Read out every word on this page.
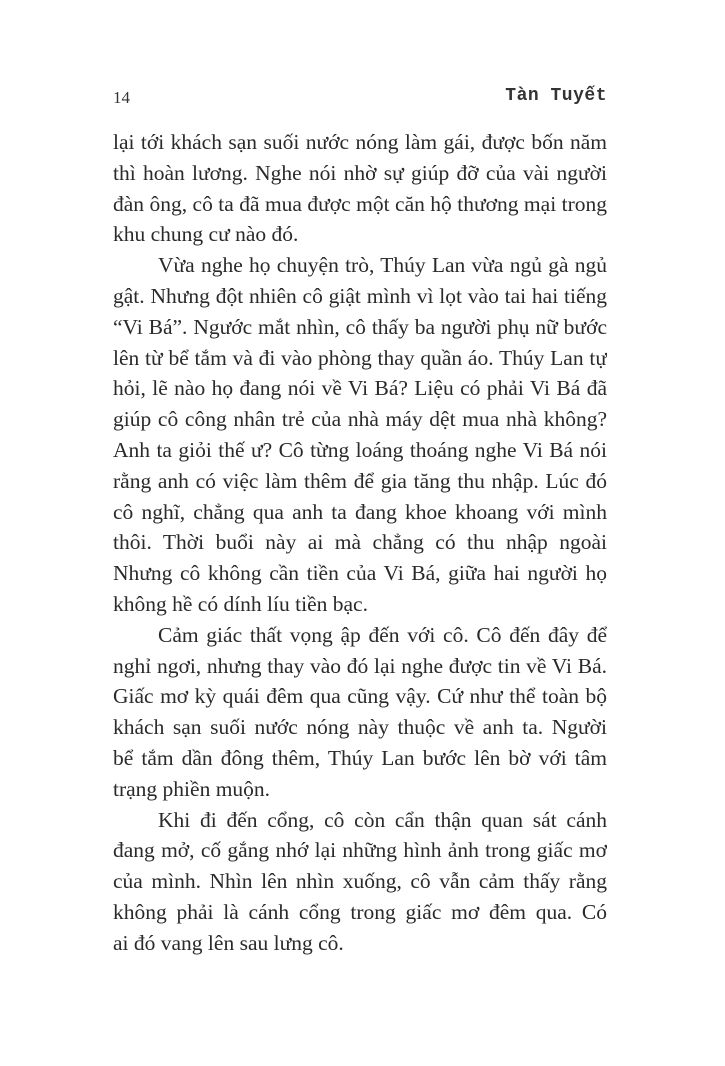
14	Tàn Tuyết
lại tới khách sạn suối nước nóng làm gái, được bốn năm
thì hoàn lương. Nghe nói nhờ sự giúp đỡ của vài người
đàn ông, cô ta đã mua được một căn hộ thương mại trong
khu chung cư nào đó.
Vừa nghe họ chuyện trò, Thúy Lan vừa ngủ gà ngủ
gật. Nhưng đột nhiên cô giật mình vì lọt vào tai hai tiếng
“Vi Bá”. Ngước mắt nhìn, cô thấy ba người phụ nữ bước
lên từ bể tắm và đi vào phòng thay quần áo. Thúy Lan tự
hỏi, lẽ nào họ đang nói về Vi Bá? Liệu có phải Vi Bá đã
giúp cô công nhân trẻ của nhà máy dệt mua nhà không?
Anh ta giỏi thế ư? Cô từng loáng thoáng nghe Vi Bá nói
rằng anh có việc làm thêm để gia tăng thu nhập. Lúc đó
cô nghĩ, chẳng qua anh ta đang khoe khoang với mình
thôi. Thời buổi này ai mà chẳng có thu nhập ngoài
Nhưng cô không cần tiền của Vi Bá, giữa hai người họ
không hề có dính líu tiền bạc.
Cảm giác thất vọng ập đến với cô. Cô đến đây để
nghỉ ngơi, nhưng thay vào đó lại nghe được tin về Vi Bá.
Giấc mơ kỳ quái đêm qua cũng vậy. Cứ như thể toàn bộ
khách sạn suối nước nóng này thuộc về anh ta. Người
bể tắm dần đông thêm, Thúy Lan bước lên bờ với tâm
trạng phiền muộn.
Khi đi đến cổng, cô còn cẩn thận quan sát cánh
đang mở, cố gắng nhớ lại những hình ảnh trong giấc mơ
của mình. Nhìn lên nhìn xuống, cô vẫn cảm thấy rằng
không phải là cánh cổng trong giấc mơ đêm qua. Có
ai đó vang lên sau lưng cô.
